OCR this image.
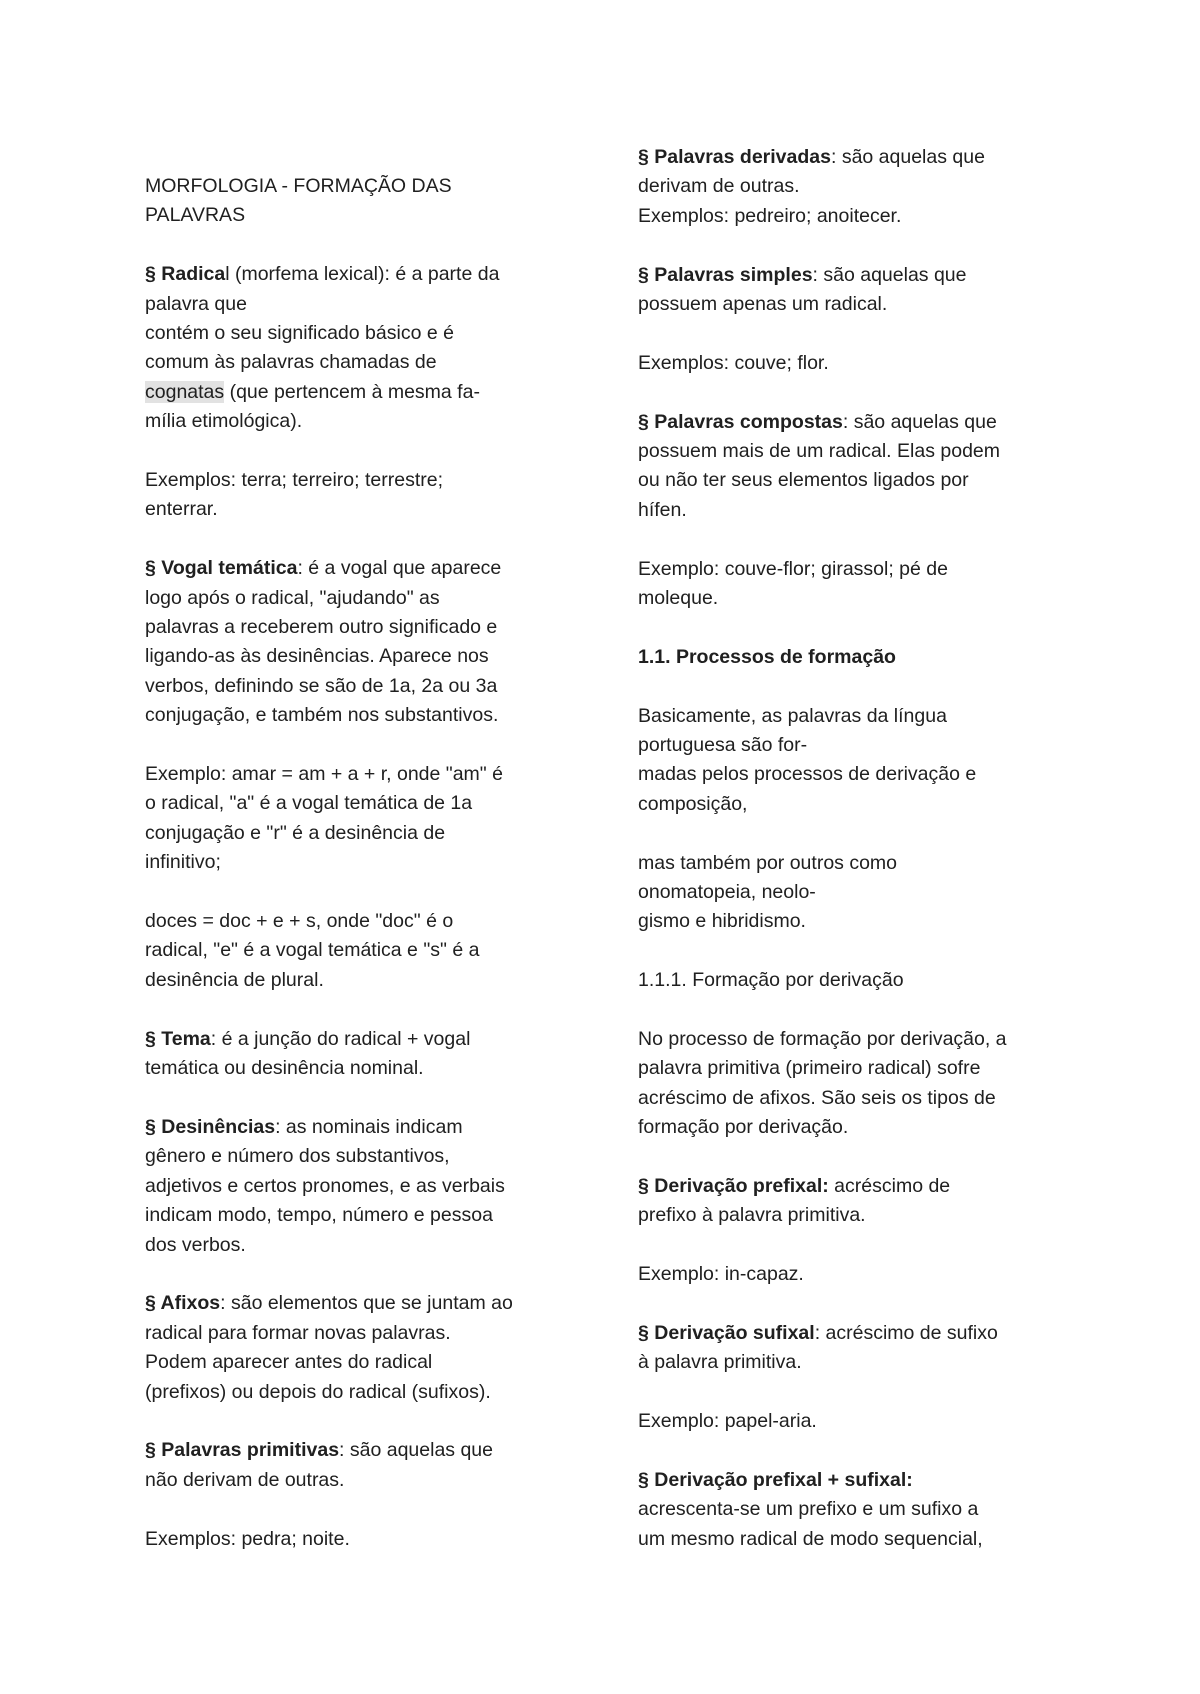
MORFOLOGIA - FORMAÇÃO DAS
PALAVRAS
§ Radical (morfema lexical): é a parte da
palavra que
contém o seu significado básico e é
comum às palavras chamadas de
cognatas (que pertencem à mesma fa-
mília etimológica).
Exemplos: terra; terreiro; terrestre;
enterrar.
§ Vogal temática: é a vogal que aparece
logo após o radical, "ajudando" as
palavras a receberem outro significado e
ligando-as às desinências. Aparece nos
verbos, definindo se são de 1a, 2a ou 3a
conjugação, e também nos substantivos.
Exemplo: amar = am + a + r, onde "am" é
o radical, "a" é a vogal temática de 1a
conjugação e "r" é a desinência de
infinitivo;
doces = doc + e + s, onde "doc" é o
radical, "e" é a vogal temática e "s" é a
desinência de plural.
§ Tema: é a junção do radical + vogal
temática ou desinência nominal.
§ Desinências: as nominais indicam
gênero e número dos substantivos,
adjetivos e certos pronomes, e as verbais
indicam modo, tempo, número e pessoa
dos verbos.
§ Afixos: são elementos que se juntam ao
radical para formar novas palavras.
Podem aparecer antes do radical
(prefixos) ou depois do radical (sufixos).
§ Palavras primitivas: são aquelas que
não derivam de outras.
Exemplos: pedra; noite.
§ Palavras derivadas: são aquelas que
derivam de outras.
Exemplos: pedreiro; anoitecer.
§ Palavras simples: são aquelas que
possuem apenas um radical.
Exemplos: couve; flor.
§ Palavras compostas: são aquelas que
possuem mais de um radical. Elas podem
ou não ter seus elementos ligados por
hífen.
Exemplo: couve-flor; girassol; pé de
moleque.
1.1. Processos de formação
Basicamente, as palavras da língua
portuguesa são for-
madas pelos processos de derivação e
composição,
mas também por outros como
onomatopeia, neolo-
gismo e hibridismo.
1.1.1. Formação por derivação
No processo de formação por derivação, a
palavra primitiva (primeiro radical) sofre
acréscimo de afixos. São seis os tipos de
formação por derivação.
§ Derivação prefixal: acréscimo de
prefixo à palavra primitiva.
Exemplo: in-capaz.
§ Derivação sufixal: acréscimo de sufixo
à palavra primitiva.
Exemplo: papel-aria.
§ Derivação prefixal + sufixal:
acrescenta-se um prefixo e um sufixo a
um mesmo radical de modo sequencial,
